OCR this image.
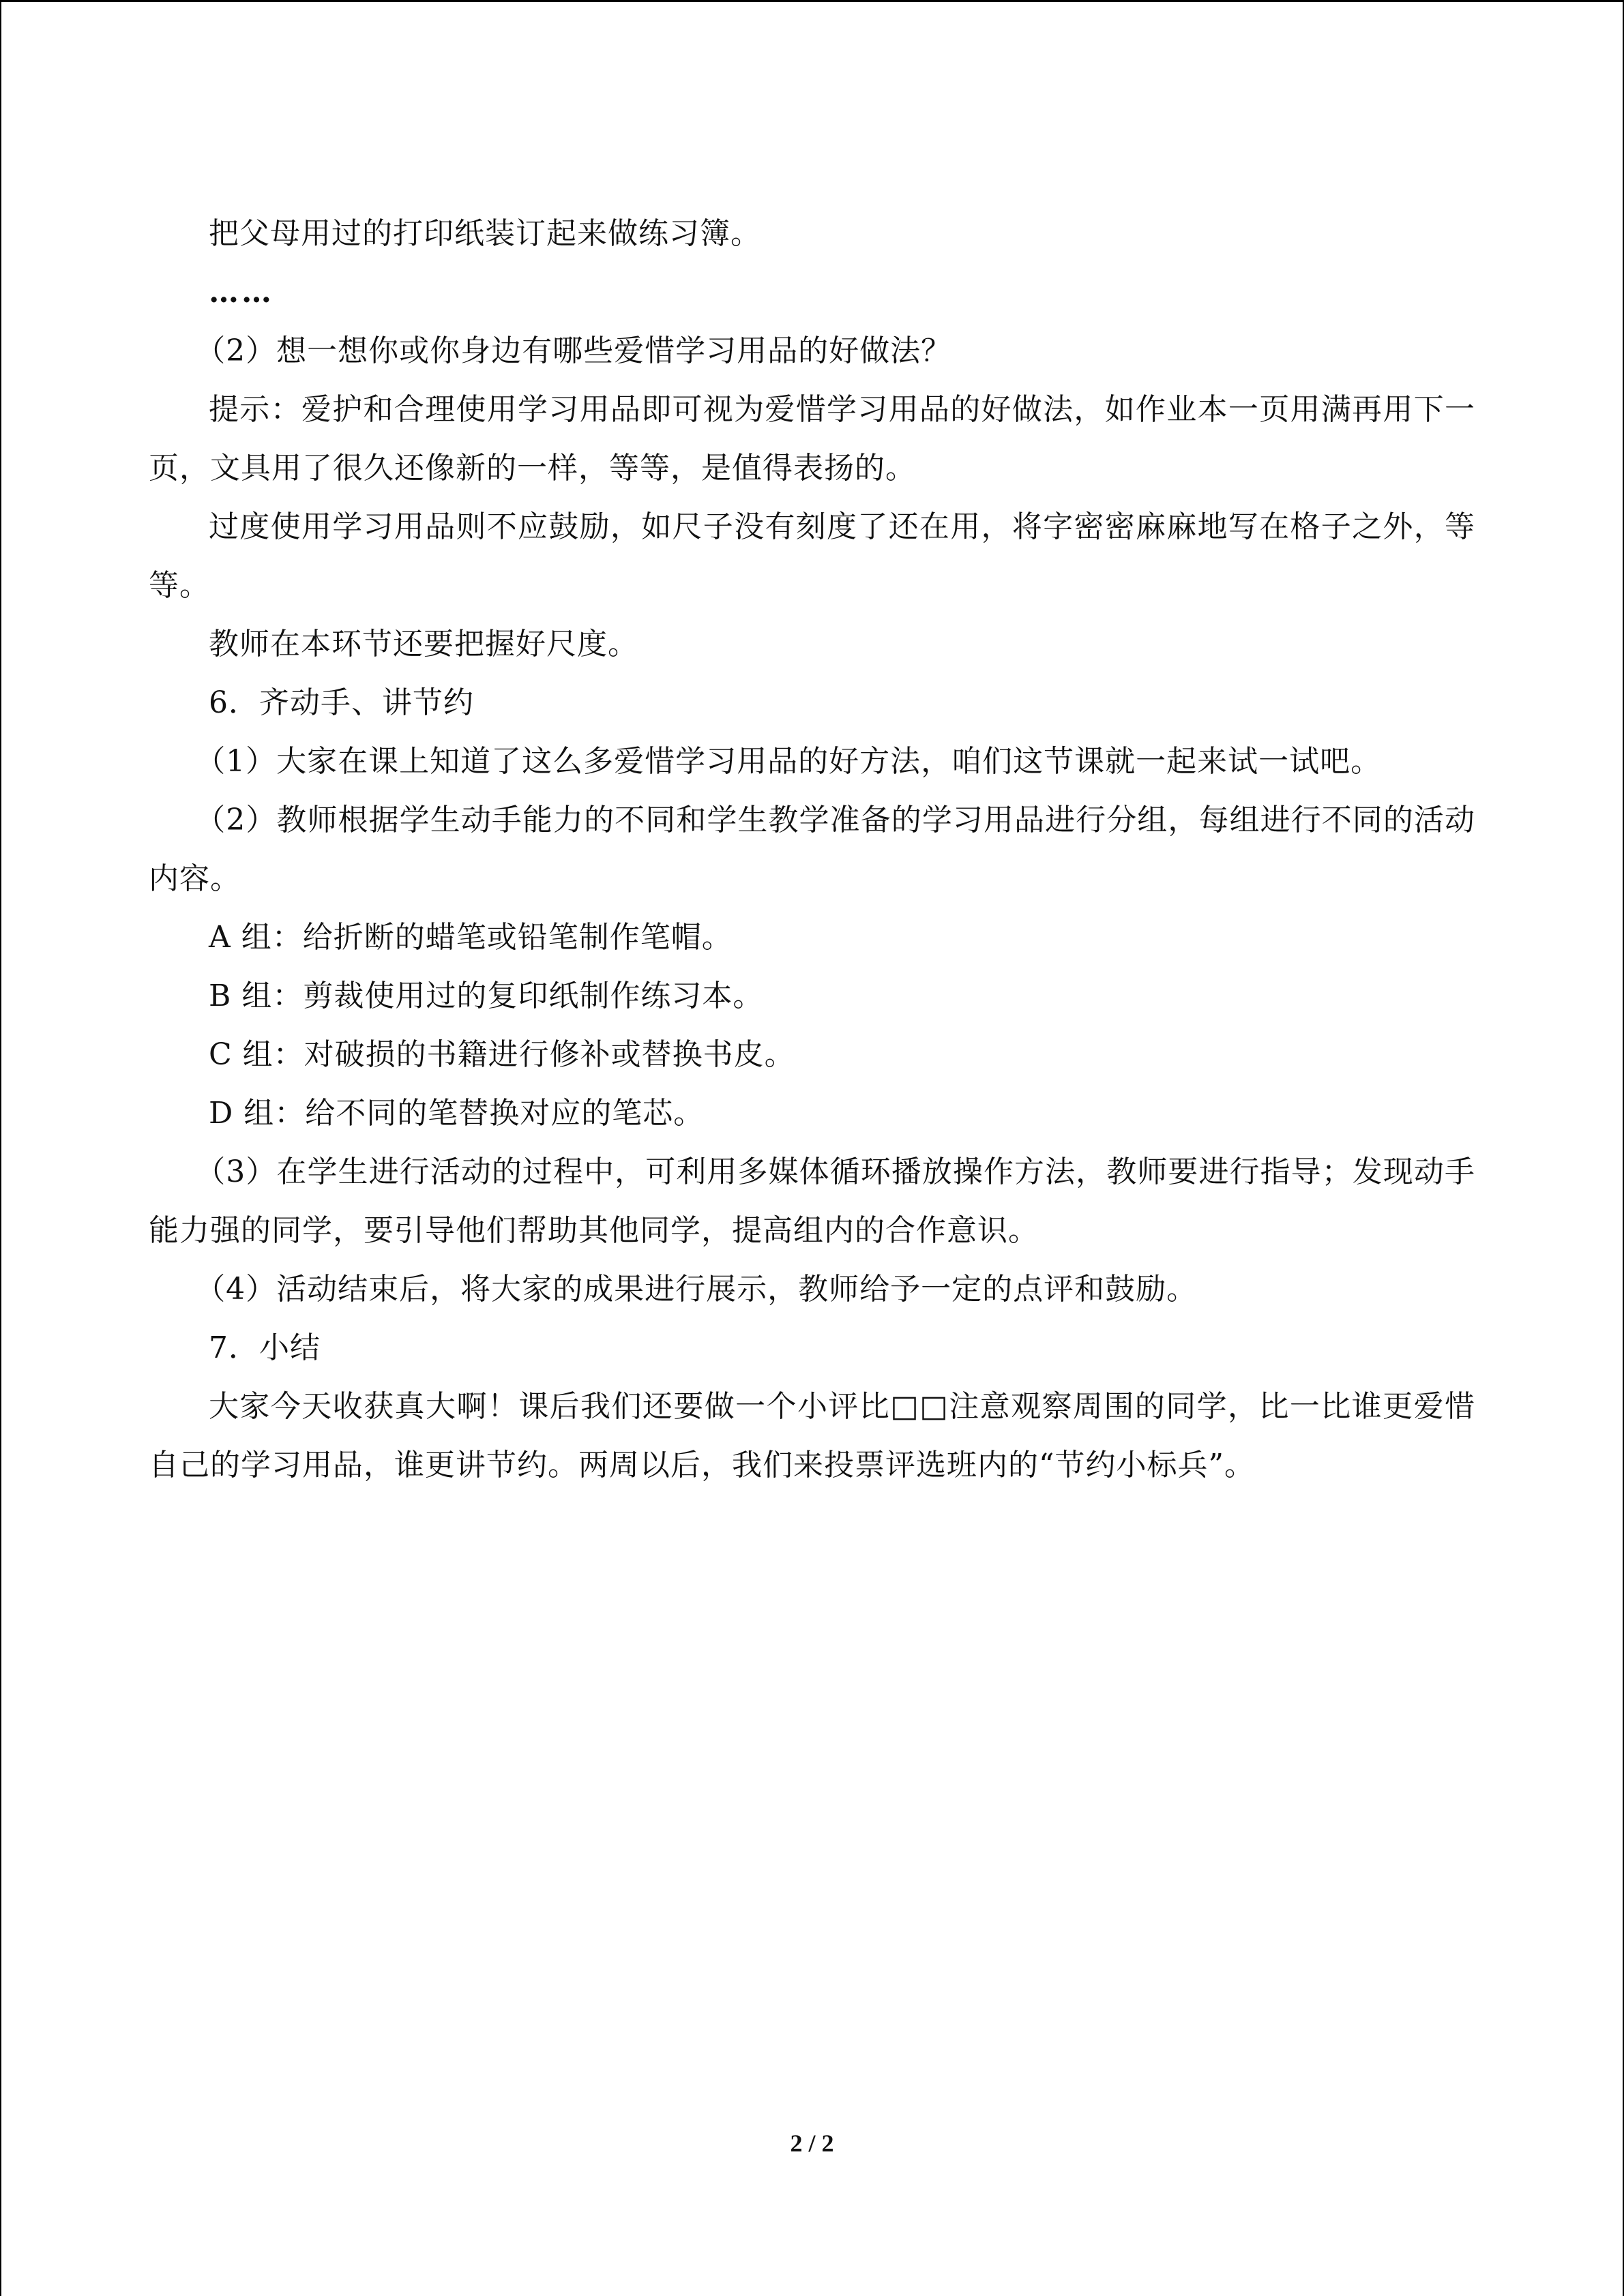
把父母用过的打印纸装订起来做练习簿。

……

（2）想一想你或你身边有哪些爱惜学习用品的好做法？

提示：爱护和合理使用学习用品即可视为爱惜学习用品的好做法，如作业本一页用满再用下一页，文具用了很久还像新的一样，等等，是值得表扬的。

过度使用学习用品则不应鼓励，如尺子没有刻度了还在用，将字密密麻麻地写在格子之外，等等。

教师在本环节还要把握好尺度。

6．齐动手、讲节约

（1）大家在课上知道了这么多爱惜学习用品的好方法，咱们这节课就一起来试一试吧。

（2）教师根据学生动手能力的不同和学生教学准备的学习用品进行分组，每组进行不同的活动内容。

A 组：给折断的蜡笔或铅笔制作笔帽。

B 组：剪裁使用过的复印纸制作练习本。

C 组：对破损的书籍进行修补或替换书皮。

D 组：给不同的笔替换对应的笔芯。

（3）在学生进行活动的过程中，可利用多媒体循环播放操作方法，教师要进行指导；发现动手能力强的同学，要引导他们帮助其他同学，提高组内的合作意识。

（4）活动结束后，将大家的成果进行展示，教师给予一定的点评和鼓励。

7．小结

大家今天收获真大啊！课后我们还要做一个小评比□□注意观察周围的同学，比一比谁更爱惜自己的学习用品，谁更讲节约。两周以后，我们来投票评选班内的“节约小标兵”。

2 / 2
